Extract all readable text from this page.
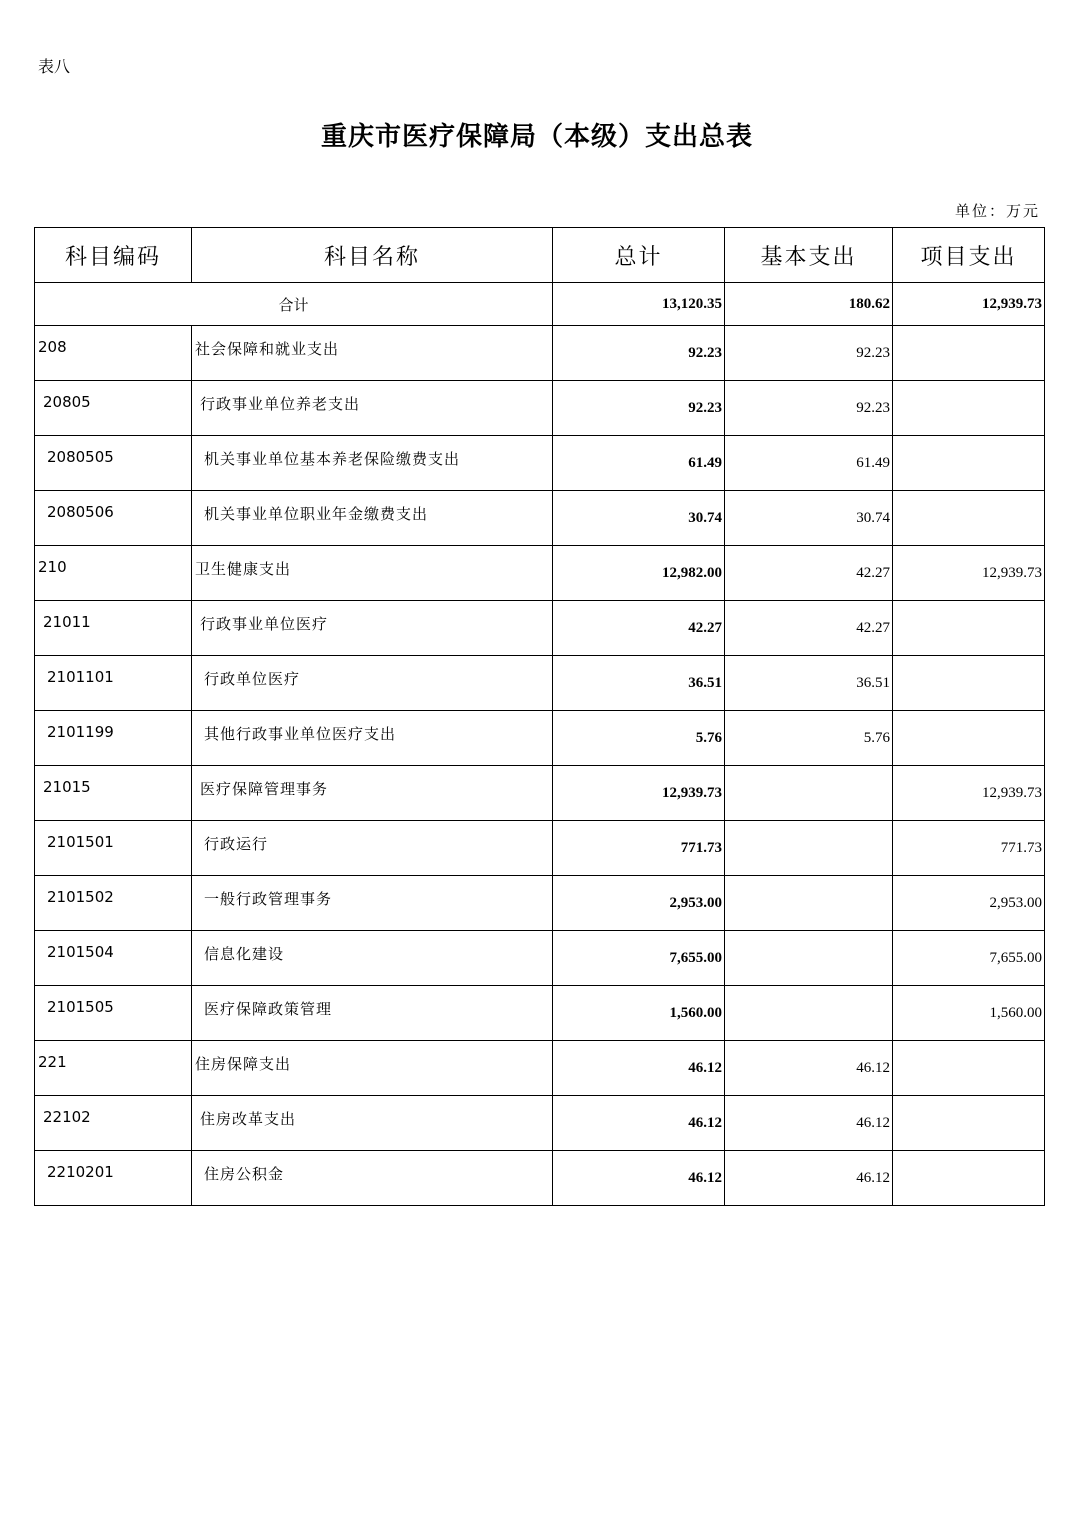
表八
重庆市医疗保障局（本级）支出总表
单位：万元
科目编码	科目名称	总计	基本支出	项目支出
合计		13,120.35	180.62	12,939.73
208	社会保障和就业支出	92.23	92.23	
20805	行政事业单位养老支出	92.23	92.23	
2080505	机关事业单位基本养老保险缴费支出	61.49	61.49	
2080506	机关事业单位职业年金缴费支出	30.74	30.74	
210	卫生健康支出	12,982.00	42.27	12,939.73
21011	行政事业单位医疗	42.27	42.27	
2101101	行政单位医疗	36.51	36.51	
2101199	其他行政事业单位医疗支出	5.76	5.76	
21015	医疗保障管理事务	12,939.73		12,939.73
2101501	行政运行	771.73		771.73
2101502	一般行政管理事务	2,953.00		2,953.00
2101504	信息化建设	7,655.00		7,655.00
2101505	医疗保障政策管理	1,560.00		1,560.00
221	住房保障支出	46.12	46.12	
22102	住房改革支出	46.12	46.12	
2210201	住房公积金	46.12	46.12	
